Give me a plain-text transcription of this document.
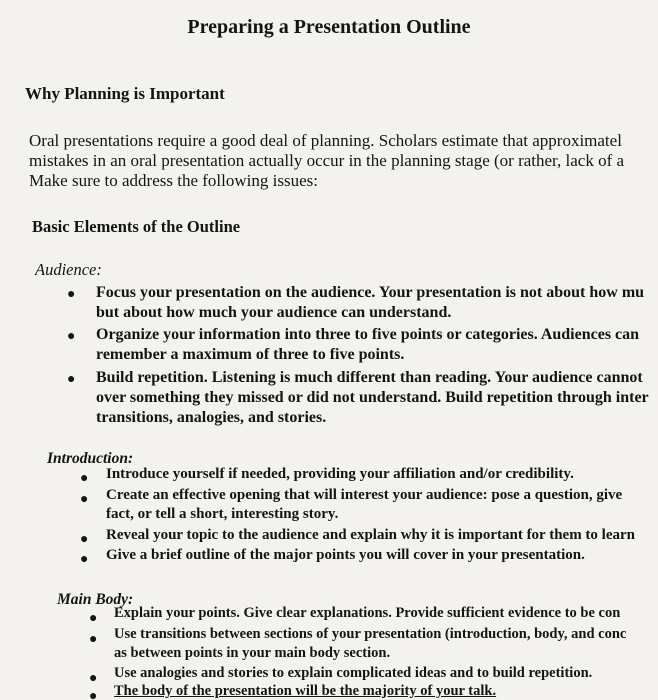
Preparing a Presentation Outline
Why Planning is Important
Oral presentations require a good deal of planning. Scholars estimate that approximatel
mistakes in an oral presentation actually occur in the planning stage (or rather, lack of a
Make sure to address the following issues:
Basic Elements of the Outline
Audience:
● Focus your presentation on the audience. Your presentation is not about how mu
but about how much your audience can understand.
● Organize your information into three to five points or categories. Audiences can
remember a maximum of three to five points.
● Build repetition. Listening is much different than reading. Your audience cannot
over something they missed or did not understand. Build repetition through inter
transitions, analogies, and stories.
Introduction:
● Introduce yourself if needed, providing your affiliation and/or credibility.
● Create an effective opening that will interest your audience: pose a question, give
fact, or tell a short, interesting story.
● Reveal your topic to the audience and explain why it is important for them to learn
● Give a brief outline of the major points you will cover in your presentation.
Main Body:
● Explain your points. Give clear explanations. Provide sufficient evidence to be con
● Use transitions between sections of your presentation (introduction, body, and conc
as between points in your main body section.
● Use analogies and stories to explain complicated ideas and to build repetition.
● The body of the presentation will be the majority of your talk.
